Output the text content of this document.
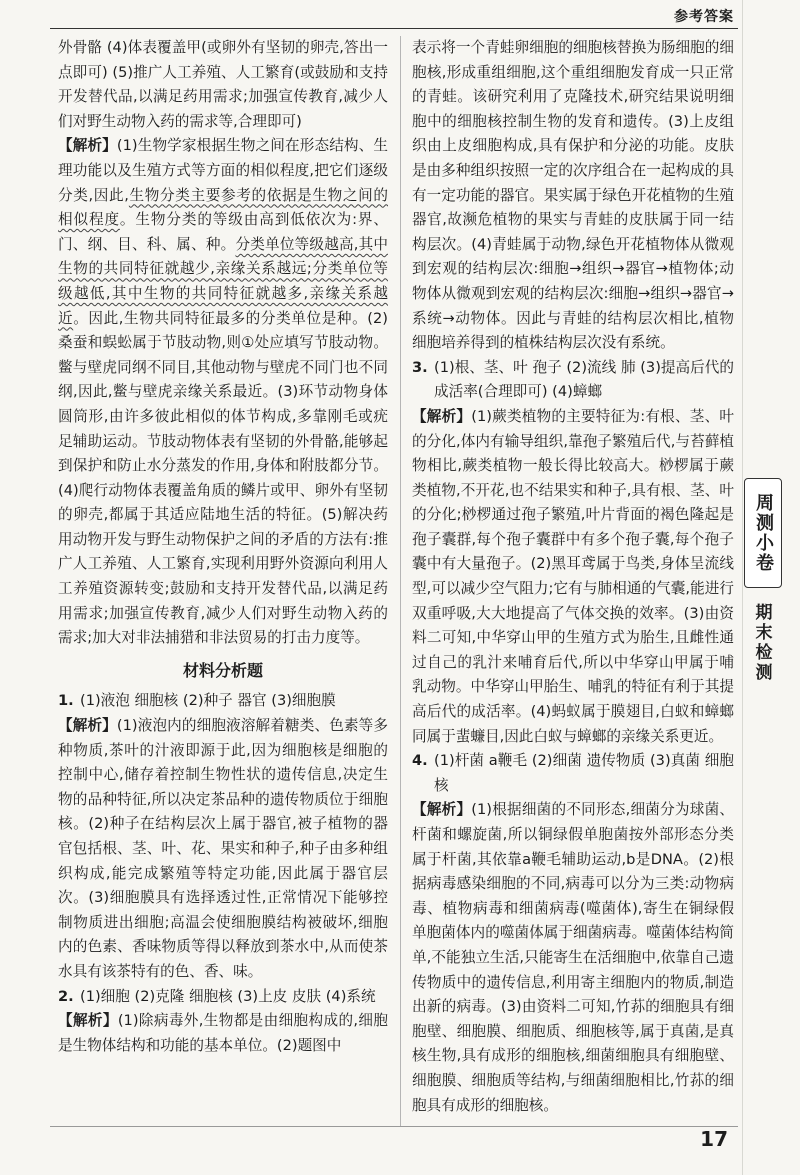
参考答案

外骨骼 (4)体表覆盖甲(或卵外有坚韧的卵壳,答出一点即可) (5)推广人工养殖、人工繁育(或鼓励和支持开发替代品,以满足药用需求;加强宣传教育,减少人们对野生动物入药的需求等,合理即可)

【解析】(1)生物学家根据生物之间在形态结构、生理功能以及生殖方式等方面的相似程度,把它们逐级分类,因此,生物分类主要参考的依据是生物之间的相似程度。生物分类的等级由高到低依次为:界、门、纲、目、科、属、种。分类单位等级越高,其中生物的共同特征就越少,亲缘关系越远;分类单位等级越低,其中生物的共同特征就越多,亲缘关系越近。因此,生物共同特征最多的分类单位是种。(2)桑蚕和蜈蚣属于节肢动物,则①处应填写节肢动物。鳖与壁虎同纲不同目,其他动物与壁虎不同门也不同纲,因此,鳖与壁虎亲缘关系最近。(3)环节动物身体圆筒形,由许多彼此相似的体节构成,多靠刚毛或疣足辅助运动。节肢动物体表有坚韧的外骨骼,能够起到保护和防止水分蒸发的作用,身体和附肢都分节。(4)爬行动物体表覆盖角质的鳞片或甲、卵外有坚韧的卵壳,都属于其适应陆地生活的特征。(5)解决药用动物开发与野生动物保护之间的矛盾的方法有:推广人工养殖、人工繁育,实现利用野外资源向利用人工养殖资源转变;鼓励和支持开发替代品,以满足药用需求;加强宣传教育,减少人们对野生动物入药的需求;加大对非法捕猎和非法贸易的打击力度等。

材料分析题
1. (1)液泡 细胞核 (2)种子 器官 (3)细胞膜

【解析】(1)液泡内的细胞液溶解着糖类、色素等多种物质,茶叶的汁液即源于此,因为细胞核是细胞的控制中心,储存着控制生物性状的遗传信息,决定生物的品种特征,所以决定茶品种的遗传物质位于细胞核。(2)种子在结构层次上属于器官,被子植物的器官包括根、茎、叶、花、果实和种子,种子由多种组织构成,能完成繁殖等特定功能,因此属于器官层次。(3)细胞膜具有选择透过性,正常情况下能够控制物质进出细胞;高温会使细胞膜结构被破坏,细胞内的色素、香味物质等得以释放到茶水中,从而使茶水具有该茶特有的色、香、味。

2. (1)细胞 (2)克隆 细胞核 (3)上皮 皮肤 (4)系统

【解析】(1)除病毒外,生物都是由细胞构成的,细胞是生物体结构和功能的基本单位。(2)题图中

表示将一个青蛙卵细胞的细胞核替换为肠细胞的细胞核,形成重组细胞,这个重组细胞发育成一只正常的青蛙。该研究利用了克隆技术,研究结果说明细胞中的细胞核控制生物的发育和遗传。(3)上皮组织由上皮细胞构成,具有保护和分泌的功能。皮肤是由多种组织按照一定的次序组合在一起构成的具有一定功能的器官。果实属于绿色开花植物的生殖器官,故濒危植物的果实与青蛙的皮肤属于同一结构层次。(4)青蛙属于动物,绿色开花植物体从微观到宏观的结构层次:细胞→组织→器官→植物体;动物体从微观到宏观的结构层次:细胞→组织→器官→系统→动物体。因此与青蛙的结构层次相比,植物细胞培养得到的植株结构层次没有系统。

3. (1)根、茎、叶 孢子 (2)流线 肺 (3)提高后代的成活率(合理即可) (4)蟑螂

【解析】(1)蕨类植物的主要特征为:有根、茎、叶的分化,体内有输导组织,靠孢子繁殖后代,与苔藓植物相比,蕨类植物一般长得比较高大。桫椤属于蕨类植物,不开花,也不结果实和种子,具有根、茎、叶的分化;桫椤通过孢子繁殖,叶片背面的褐色隆起是孢子囊群,每个孢子囊群中有多个孢子囊,每个孢子囊中有大量孢子。(2)黑耳鸢属于鸟类,身体呈流线型,可以减少空气阻力;它有与肺相通的气囊,能进行双重呼吸,大大地提高了气体交换的效率。(3)由资料二可知,中华穿山甲的生殖方式为胎生,且雌性通过自己的乳汁来哺育后代,所以中华穿山甲属于哺乳动物。中华穿山甲胎生、哺乳的特征有利于其提高后代的成活率。(4)蚂蚁属于膜翅目,白蚁和蟑螂同属于蜚蠊目,因此白蚁与蟑螂的亲缘关系更近。

4. (1)杆菌 a鞭毛 (2)细菌 遗传物质 (3)真菌 细胞核

【解析】(1)根据细菌的不同形态,细菌分为球菌、杆菌和螺旋菌,所以铜绿假单胞菌按外部形态分类属于杆菌,其依靠a鞭毛辅助运动,b是DNA。(2)根据病毒感染细胞的不同,病毒可以分为三类:动物病毒、植物病毒和细菌病毒(噬菌体),寄生在铜绿假单胞菌体内的噬菌体属于细菌病毒。噬菌体结构简单,不能独立生活,只能寄生在活细胞中,依靠自己遗传物质中的遗传信息,利用寄主细胞内的物质,制造出新的病毒。(3)由资料二可知,竹荪的细胞具有细胞壁、细胞膜、细胞质、细胞核等,属于真菌,是真核生物,具有成形的细胞核,细菌细胞具有细胞壁、细胞膜、细胞质等结构,与细菌细胞相比,竹荪的细胞具有成形的细胞核。

周测小卷
期末检测
17
